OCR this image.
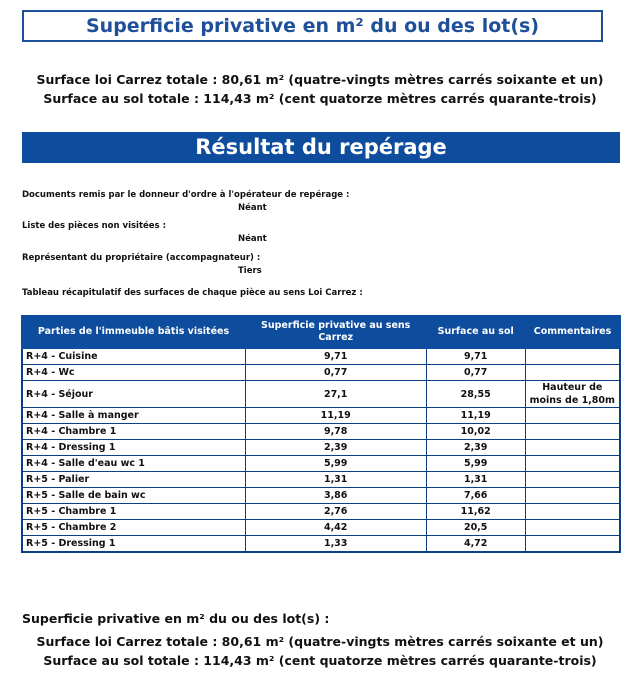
Superficie privative en m² du ou des lot(s)
Surface loi Carrez totale : 80,61 m² (quatre-vingts mètres carrés soixante et un)
Surface au sol totale : 114,43 m² (cent quatorze mètres carrés quarante-trois)
Résultat du repérage
Documents remis par le donneur d'ordre à l'opérateur de repérage :
Néant
Liste des pièces non visitées :
Néant
Représentant du propriétaire (accompagnateur) :
Tiers
Tableau récapitulatif des surfaces de chaque pièce au sens Loi Carrez :
Parties de l'immeuble bâtis visitées	Superficie privative au sens Carrez	Surface au sol	Commentaires
R+4 - Cuisine	9,71	9,71	
R+4 - Wc	0,77	0,77	
R+4 - Séjour	27,1	28,55	Hauteur de moins de 1,80m
R+4 - Salle à manger	11,19	11,19	
R+4 - Chambre 1	9,78	10,02	
R+4 - Dressing 1	2,39	2,39	
R+4 - Salle d'eau wc 1	5,99	5,99	
R+5 - Palier	1,31	1,31	
R+5 - Salle de bain wc	3,86	7,66	
R+5 - Chambre 1	2,76	11,62	
R+5 - Chambre 2	4,42	20,5	
R+5 - Dressing 1	1,33	4,72	
Superficie privative en m² du ou des lot(s) :
Surface loi Carrez totale : 80,61 m² (quatre-vingts mètres carrés soixante et un)
Surface au sol totale : 114,43 m² (cent quatorze mètres carrés quarante-trois)
